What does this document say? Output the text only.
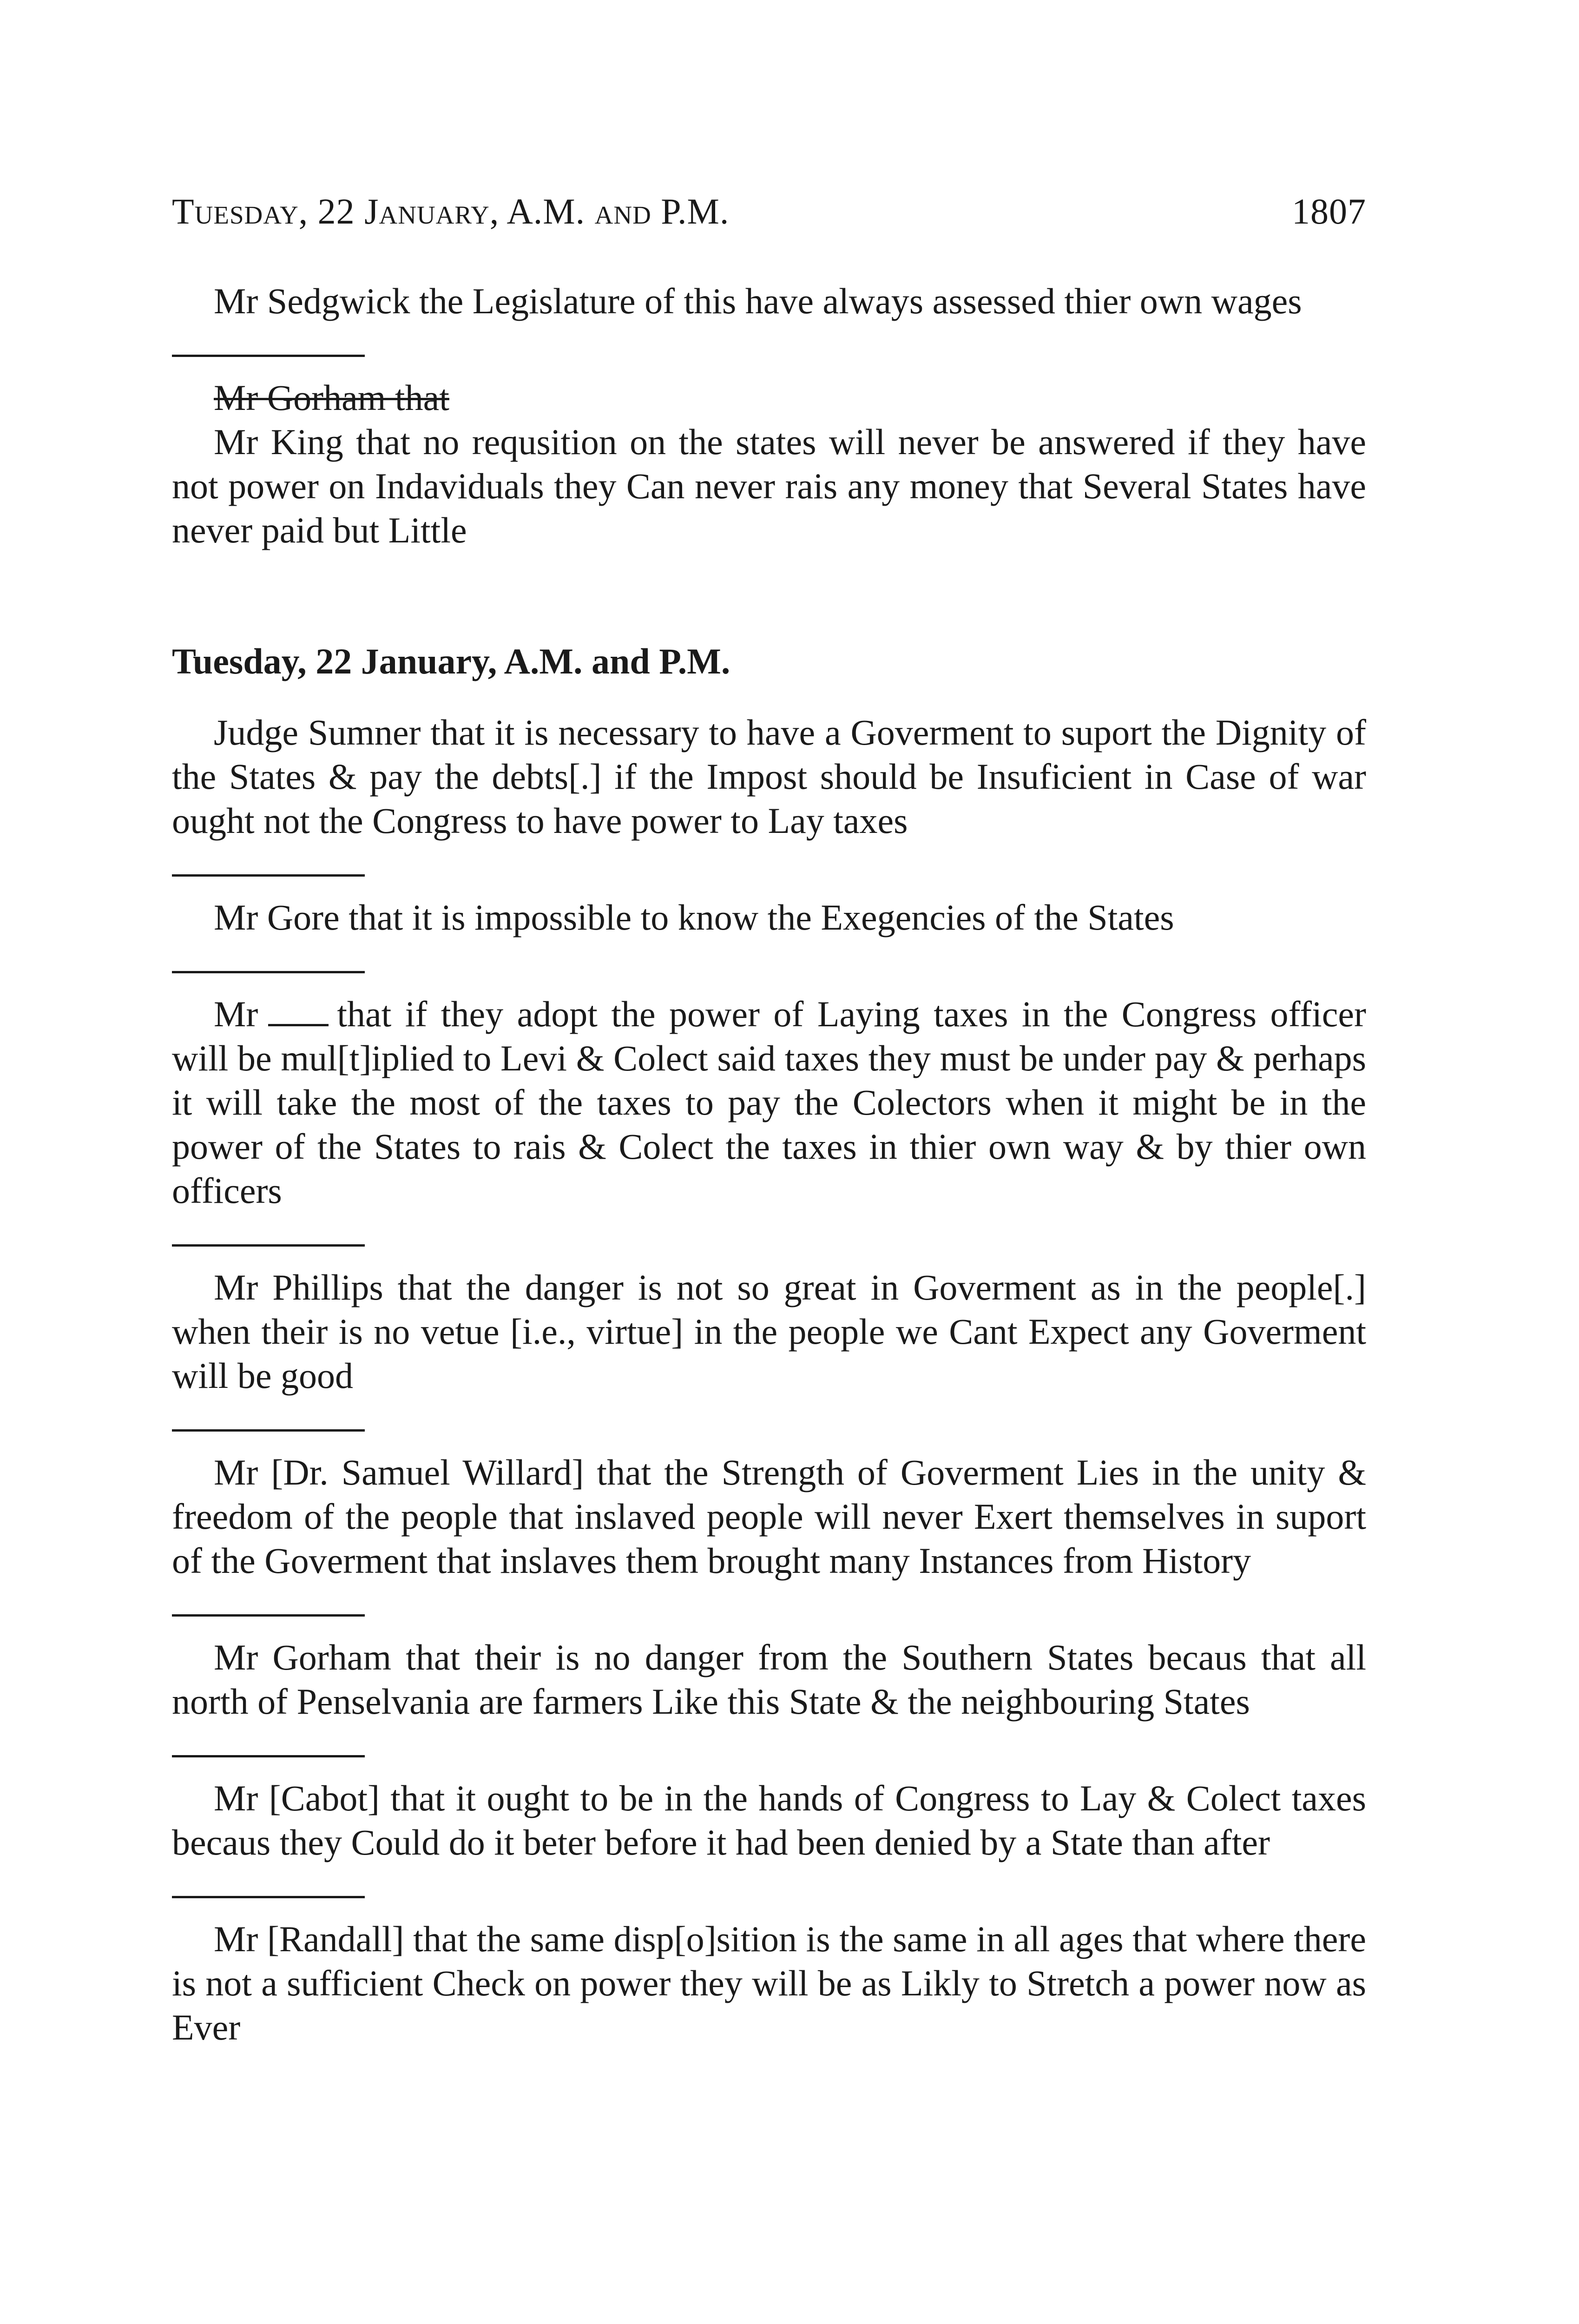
Tuesday, 22 January, A.M. and P.M.	1807

Mr Sedgwick the Legislature of this have always assessed thier own wages

Mr Gorham that

Mr King that no requsition on the states will never be answered if they have not power on Indaviduals they Can never rais any money that Several States have never paid but Little

Tuesday, 22 January, A.M. and P.M.

Judge Sumner that it is necessary to have a Goverment to suport the Dignity of the States & pay the debts[.] if the Impost should be Insuficient in Case of war ought not the Congress to have power to Lay taxes

Mr Gore that it is impossible to know the Exegencies of the States

Mr that if they adopt the power of Laying taxes in the Congress officer will be mul[t]iplied to Levi & Colect said taxes they must be under pay & perhaps it will take the most of the taxes to pay the Colectors when it might be in the power of the States to rais & Colect the taxes in thier own way & by thier own officers

Mr Phillips that the danger is not so great in Goverment as in the people[.] when their is no vetue [i.e., virtue] in the people we Cant Expect any Goverment will be good

Mr [Dr. Samuel Willard] that the Strength of Goverment Lies in the unity & freedom of the people that inslaved people will never Exert themselves in suport of the Goverment that inslaves them brought many Instances from History

Mr Gorham that their is no danger from the Southern States becaus that all north of Penselvania are farmers Like this State & the neighbouring States

Mr [Cabot] that it ought to be in the hands of Congress to Lay & Colect taxes becaus they Could do it beter before it had been denied by a State than after

Mr [Randall] that the same disp[o]sition is the same in all ages that where there is not a sufficient Check on power they will be as Likly to Stretch a power now as Ever
